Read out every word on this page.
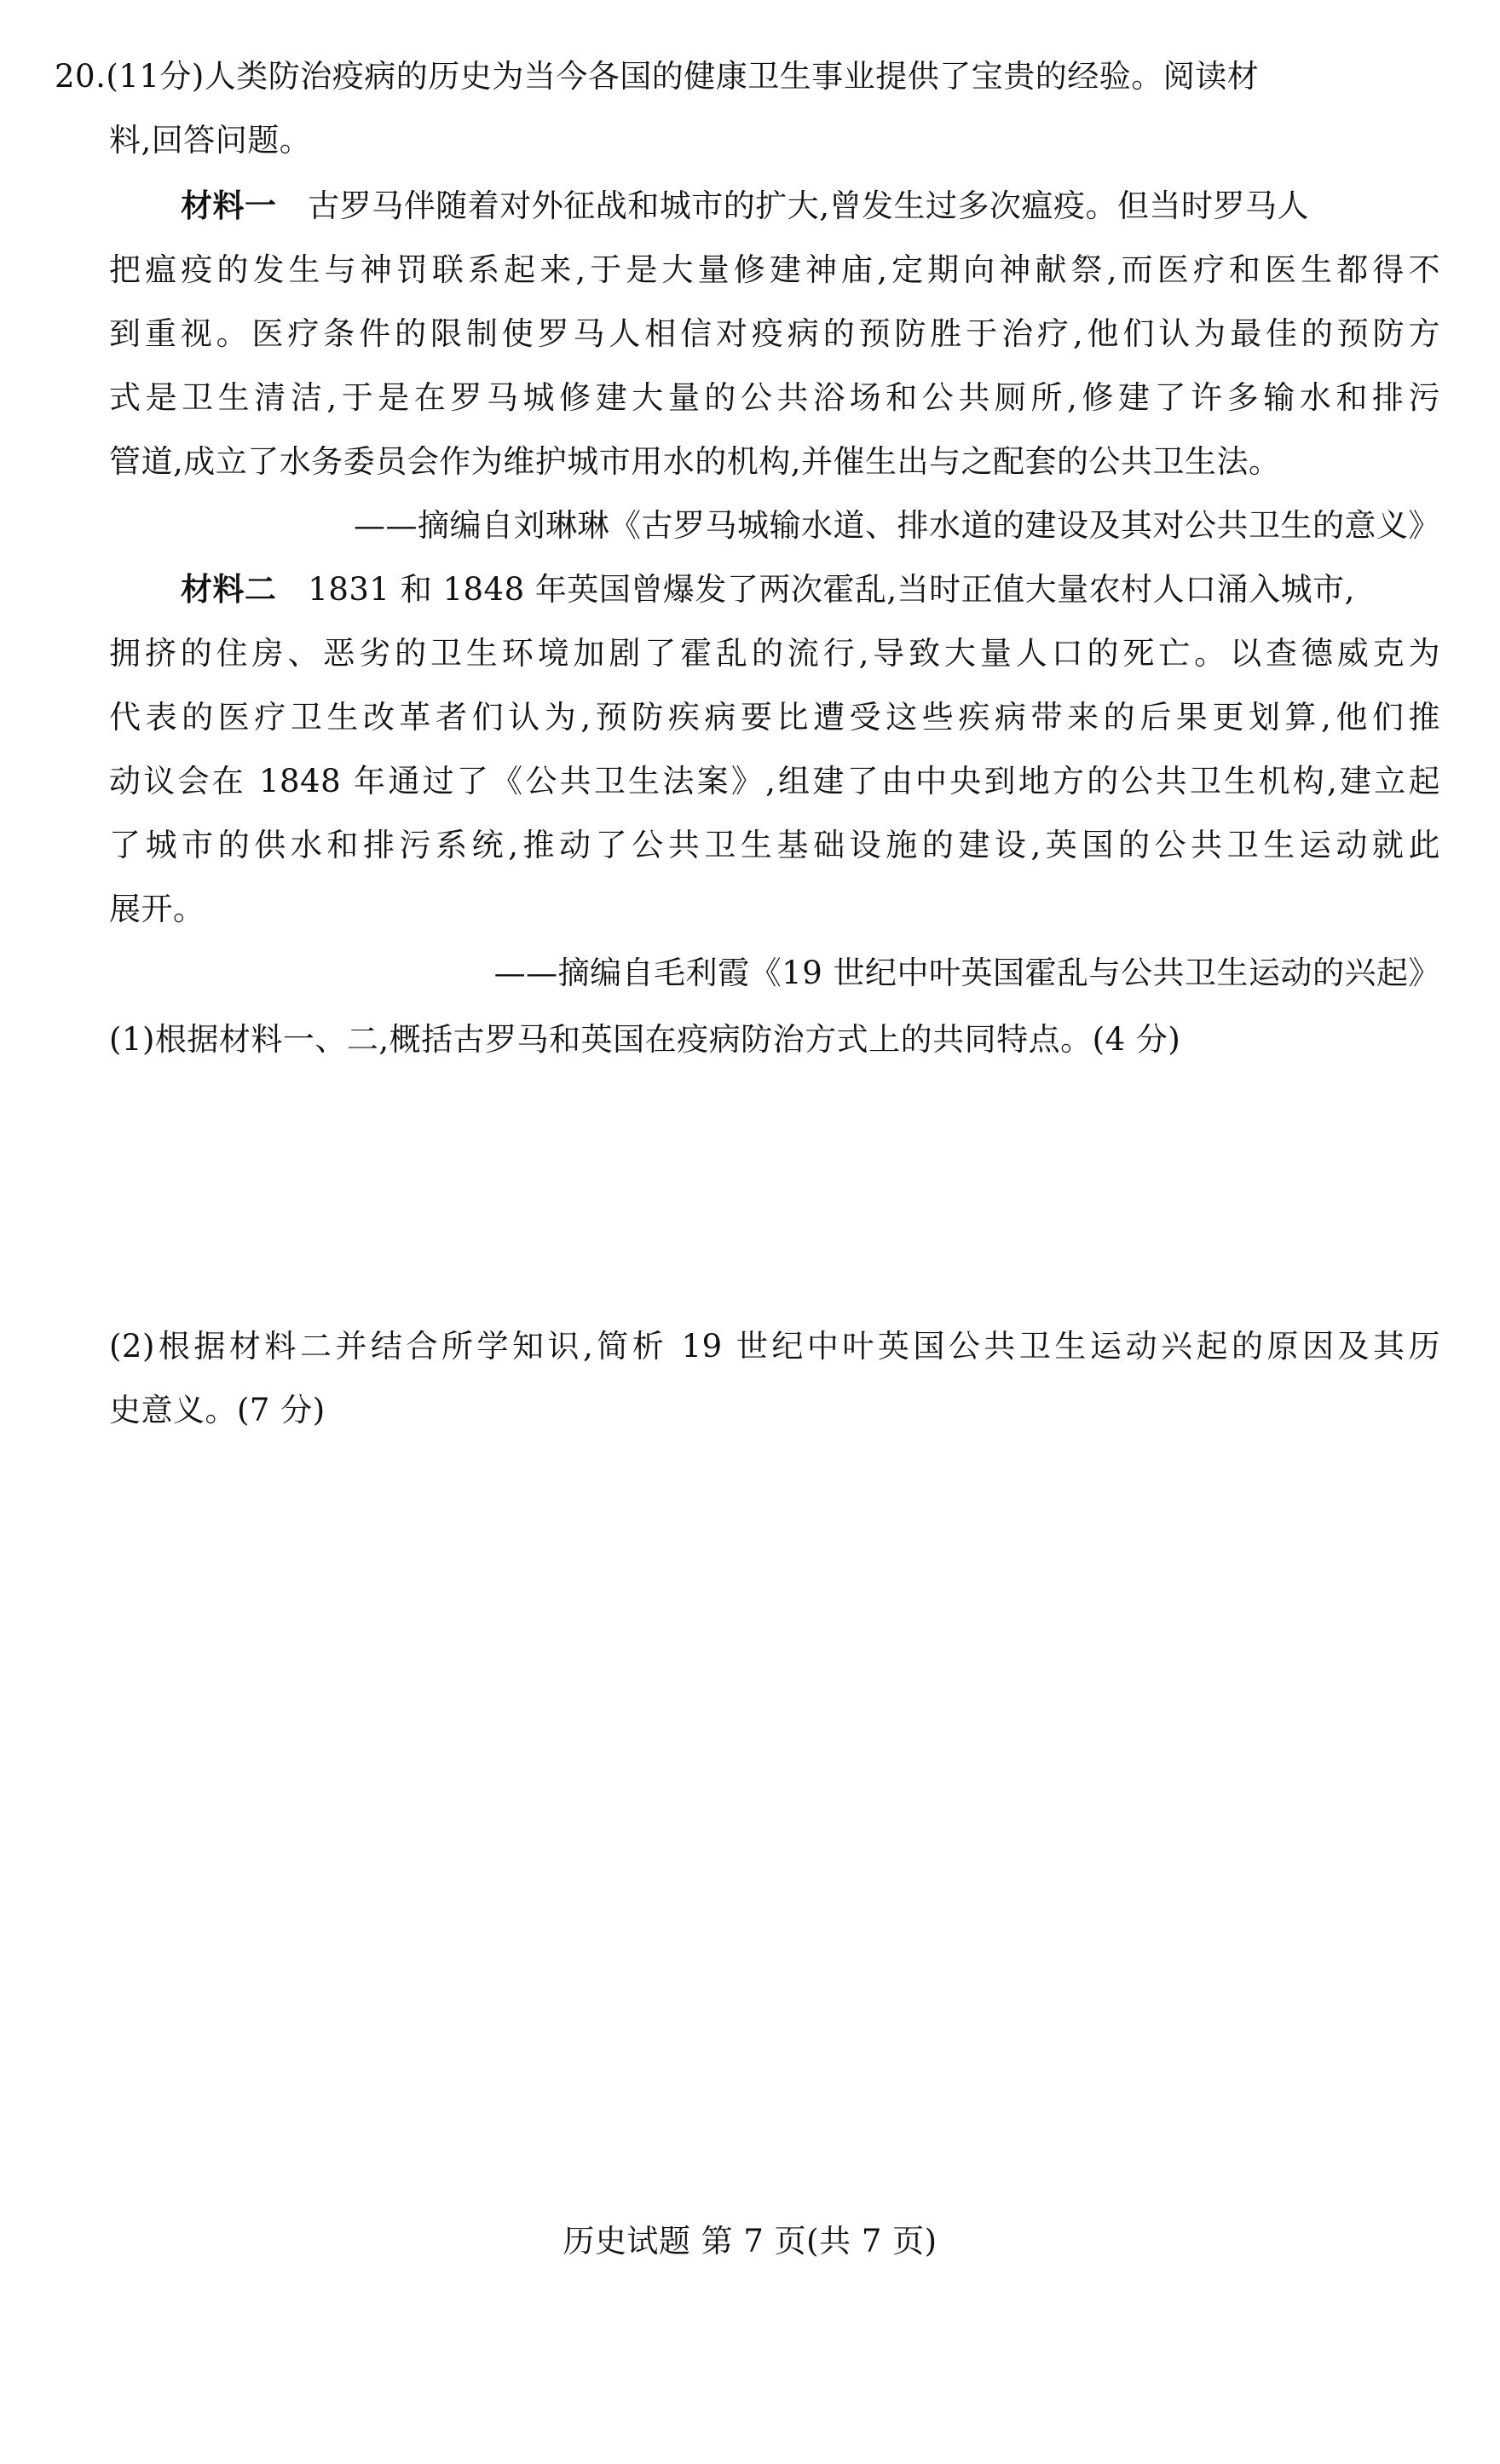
20.(11分)人类防治疫病的历史为当今各国的健康卫生事业提供了宝贵的经验。阅读材
料,回答问题。
材料一 古罗马伴随着对外征战和城市的扩大,曾发生过多次瘟疫。但当时罗马人
把瘟疫的发生与神罚联系起来,于是大量修建神庙,定期向神献祭,而医疗和医生都得不
到重视。医疗条件的限制使罗马人相信对疫病的预防胜于治疗,他们认为最佳的预防方
式是卫生清洁,于是在罗马城修建大量的公共浴场和公共厕所,修建了许多输水和排污
管道,成立了水务委员会作为维护城市用水的机构,并催生出与之配套的公共卫生法。
——摘编自刘琳琳《古罗马城输水道、排水道的建设及其对公共卫生的意义》
材料二 1831 和 1848 年英国曾爆发了两次霍乱,当时正值大量农村人口涌入城市,
拥挤的住房、恶劣的卫生环境加剧了霍乱的流行,导致大量人口的死亡。以查德威克为
代表的医疗卫生改革者们认为,预防疾病要比遭受这些疾病带来的后果更划算,他们推
动议会在 1848 年通过了《公共卫生法案》,组建了由中央到地方的公共卫生机构,建立起
了城市的供水和排污系统,推动了公共卫生基础设施的建设,英国的公共卫生运动就此
展开。
——摘编自毛利霞《19 世纪中叶英国霍乱与公共卫生运动的兴起》
(1)根据材料一、二,概括古罗马和英国在疫病防治方式上的共同特点。(4 分)
(2)根据材料二并结合所学知识,简析 19 世纪中叶英国公共卫生运动兴起的原因及其历
史意义。(7 分)
历史试题 第 7 页(共 7 页)
